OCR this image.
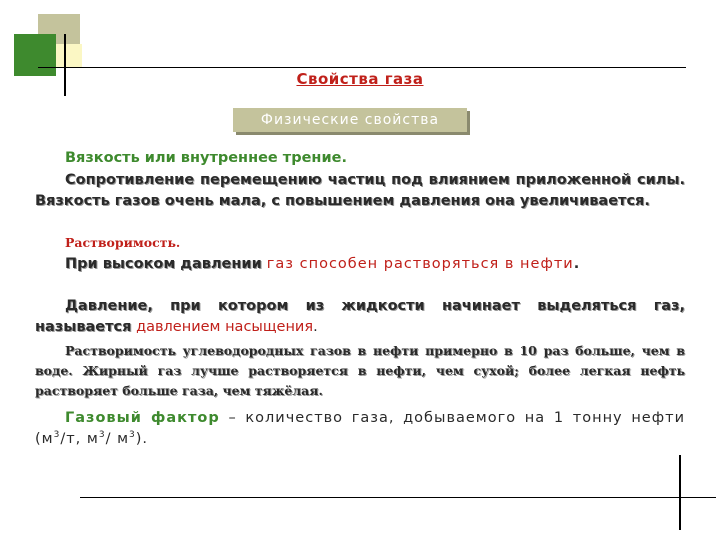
Свойства газа
Физические свойства

Вязкость или внутреннее трение.

Сопротивление перемещению частиц под влиянием приложенной силы. Вязкость газов очень мала, с повышением давления она увеличивается.

Растворимость.

При высоком давлении газ способен растворяться в нефти.

Давление, при котором из жидкости начинает выделяться газ, называется давлением насыщения.

Растворимость углеводородных газов в нефти примерно в 10 раз больше, чем в воде. Жирный газ лучше растворяется в нефти, чем сухой; более легкая нефть растворяет больше газа, чем тяжёлая.

Газовый фактор – количество газа, добываемого на 1 тонну нефти ($м^3/т$, $м^3/$ $м^3$).
